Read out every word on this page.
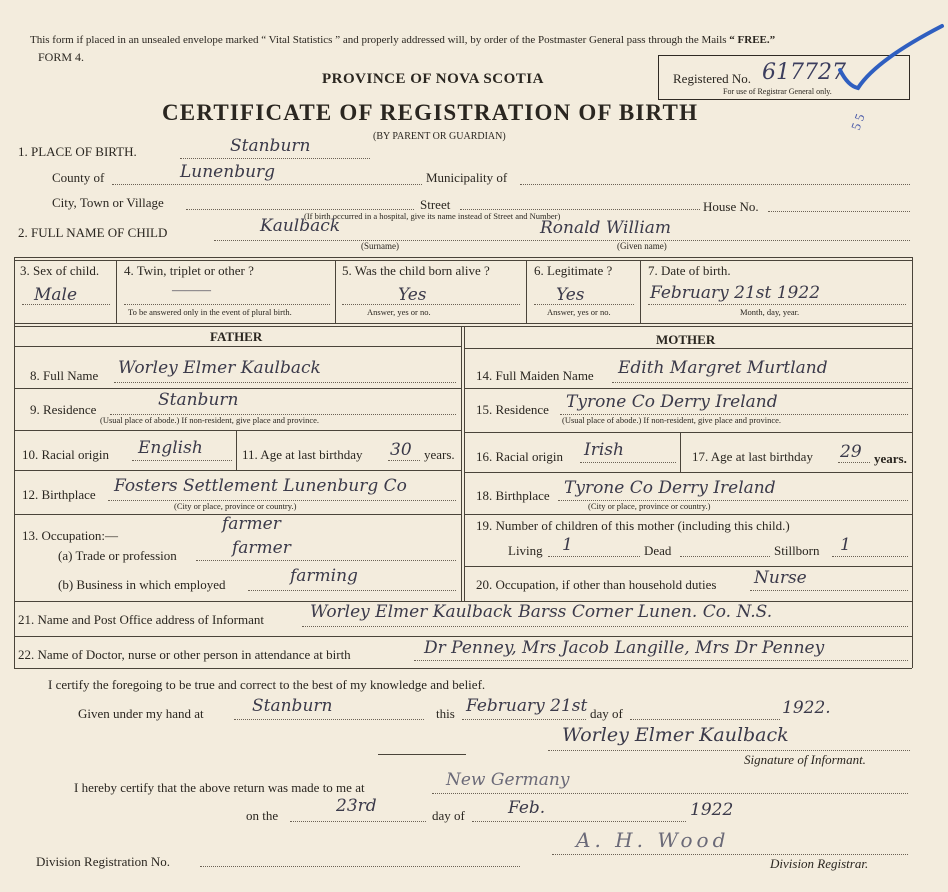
This form if placed in an unsealed envelope marked “ Vital Statistics ” and properly addressed will, by order of the Postmaster General pass through the Mails “ FREE.”
FORM 4.
PROVINCE OF NOVA SCOTIA
CERTIFICATE OF REGISTRATION OF BIRTH
(BY PARENT OR GUARDIAN)
Registered No. 617727
For use of Registrar General only.
5 5
1. PLACE OF BIRTH.	Stanburn
County of	Lunenburg	Municipality of
City, Town or Village	Street	House No.
(If birth occurred in a hospital, give its name instead of Street and Number)
2. FULL NAME OF CHILD	Kaulback
(Surname)
Ronald William
(Given name)
3. Sex of child.
Male
4. Twin, triplet or other ?
———
To be answered only in the event of plural birth.
5. Was the child born alive ?
Yes
Answer, yes or no.
6. Legitimate ?
Yes
Answer, yes or no.
7. Date of birth.
February 21st 1922
Month, day, year.
FATHER	MOTHER
8. Full Name Worley Elmer Kaulback
9. Residence	Stanburn
(Usual place of abode.) If non-resident, give place and province.
10. Racial origin English	11. Age at last birthday 30 years.
12. Birthplace Fosters Settlement Lunenburg Co
(City or place, province or country.)
13. Occupation:—
farmer
(a) Trade or profession	farmer
(b) Business in which employed	farming
14. Full Maiden Name Edith Margret Murtland
15. Residence Tyrone Co Derry Ireland
(Usual place of abode.) If non-resident, give place and province.
16. Racial origin Irish	17. Age at last birthday 29 years.
18. Birthplace Tyrone Co Derry Ireland
(City or place, province or country.)
19. Number of children of this mother (including this child.)
Living 1	Dead	Stillborn 1
20. Occupation, if other than household duties Nurse
21. Name and Post Office address of Informant	Worley Elmer Kaulback Barss Corner Lunen. Co. N.S.
22. Name of Doctor, nurse or other person in attendance at birth	Dr Penney, Mrs Jacob Langille, Mrs Dr Penney
I certify the foregoing to be true and correct to the best of my knowledge and belief.
Given under my hand at	Stanburn	this February 21st day of	1922.
Worley Elmer Kaulback
Signature of Informant.
I hereby certify that the above return was made to me at	New Germany
on the	23rd	day of	Feb.	1922
Division Registration No.
A. H. Wood
Division Registrar.
